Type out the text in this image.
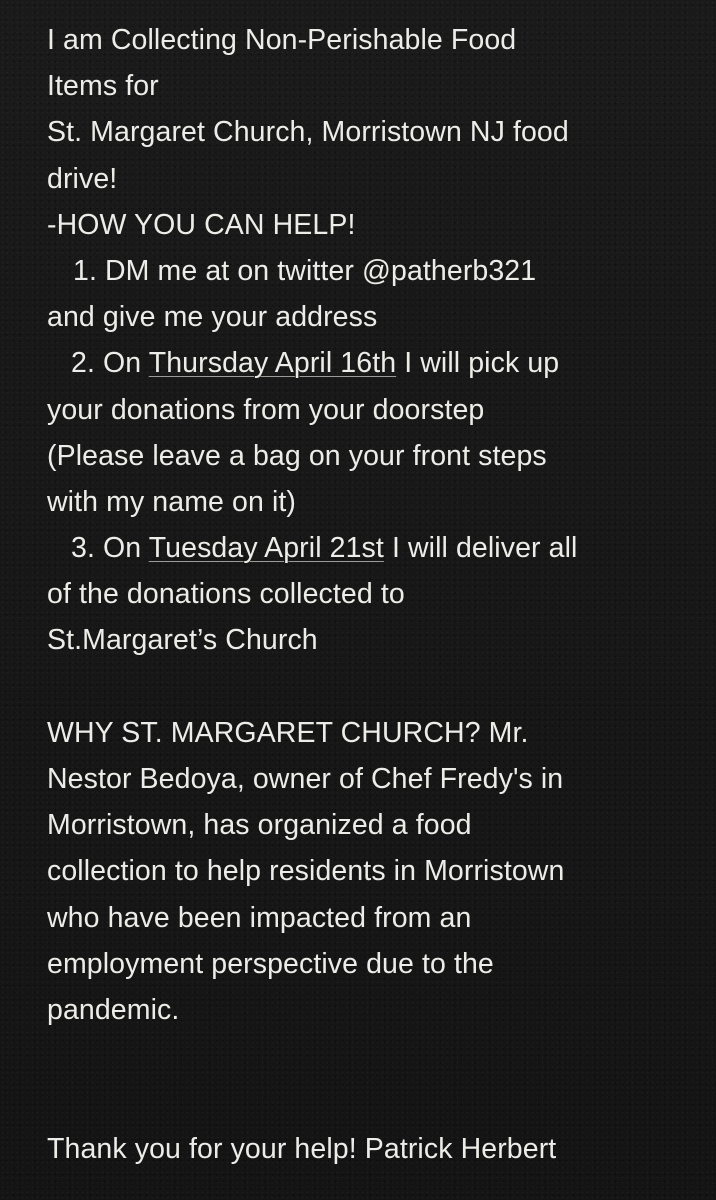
I am Collecting Non-Perishable Food
Items for
St. Margaret Church, Morristown NJ food
drive!
-HOW YOU CAN HELP!
1. DM me at on twitter @patherb321
and give me your address
2. On Thursday April 16th I will pick up
your donations from your doorstep
(Please leave a bag on your front steps
with my name on it)
3. On Tuesday April 21st I will deliver all
of the donations collected to
St.Margaret’s Church
WHY ST. MARGARET CHURCH? Mr.
Nestor Bedoya, owner of Chef Fredy's in
Morristown, has organized a food
collection to help residents in Morristown
who have been impacted from an
employment perspective due to the
pandemic.
Thank you for your help! Patrick Herbert
